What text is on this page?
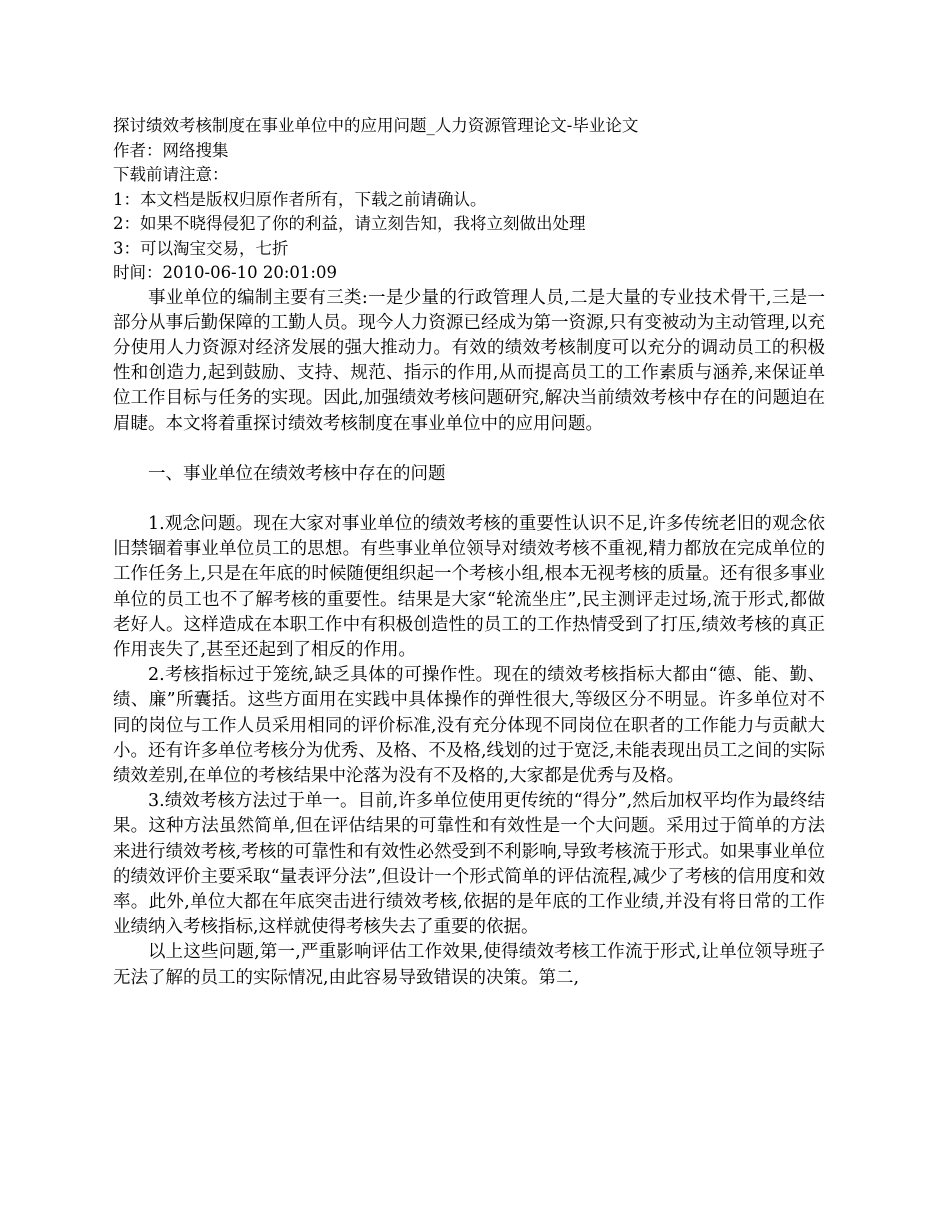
探讨绩效考核制度在事业单位中的应用问题_人力资源管理论文-毕业论文
作者：网络搜集
下载前请注意：
1：本文档是版权归原作者所有，下载之前请确认。
2：如果不晓得侵犯了你的利益，请立刻告知，我将立刻做出处理
3：可以淘宝交易，七折
时间：2010-06-10 20:01:09

事业单位的编制主要有三类:一是少量的行政管理人员,二是大量的专业技术骨干,三是一部分从事后勤保障的工勤人员。现今人力资源已经成为第一资源,只有变被动为主动管理,以充分使用人力资源对经济发展的强大推动力。有效的绩效考核制度可以充分的调动员工的积极性和创造力,起到鼓励、支持、规范、指示的作用,从而提高员工的工作素质与涵养,来保证单位工作目标与任务的实现。因此,加强绩效考核问题研究,解决当前绩效考核中存在的问题迫在眉睫。本文将着重探讨绩效考核制度在事业单位中的应用问题。

一、事业单位在绩效考核中存在的问题

1.观念问题。现在大家对事业单位的绩效考核的重要性认识不足,许多传统老旧的观念依旧禁锢着事业单位员工的思想。有些事业单位领导对绩效考核不重视,精力都放在完成单位的工作任务上,只是在年底的时候随便组织起一个考核小组,根本无视考核的质量。还有很多事业单位的员工也不了解考核的重要性。结果是大家“轮流坐庄”,民主测评走过场,流于形式,都做老好人。这样造成在本职工作中有积极创造性的员工的工作热情受到了打压,绩效考核的真正作用丧失了,甚至还起到了相反的作用。

2.考核指标过于笼统,缺乏具体的可操作性。现在的绩效考核指标大都由“德、能、勤、绩、廉”所囊括。这些方面用在实践中具体操作的弹性很大,等级区分不明显。许多单位对不同的岗位与工作人员采用相同的评价标准,没有充分体现不同岗位在职者的工作能力与贡献大小。还有许多单位考核分为优秀、及格、不及格,线划的过于宽泛,未能表现出员工之间的实际绩效差别,在单位的考核结果中沦落为没有不及格的,大家都是优秀与及格。

3.绩效考核方法过于单一。目前,许多单位使用更传统的“得分”,然后加权平均作为最终结果。这种方法虽然简单,但在评估结果的可靠性和有效性是一个大问题。采用过于简单的方法来进行绩效考核,考核的可靠性和有效性必然受到不利影响,导致考核流于形式。如果事业单位的绩效评价主要采取“量表评分法”,但设计一个形式简单的评估流程,减少了考核的信用度和效率。此外,单位大都在年底突击进行绩效考核,依据的是年底的工作业绩,并没有将日常的工作业绩纳入考核指标,这样就使得考核失去了重要的依据。

以上这些问题,第一,严重影响评估工作效果,使得绩效考核工作流于形式,让单位领导班子无法了解的员工的实际情况,由此容易导致错误的决策。第二,
